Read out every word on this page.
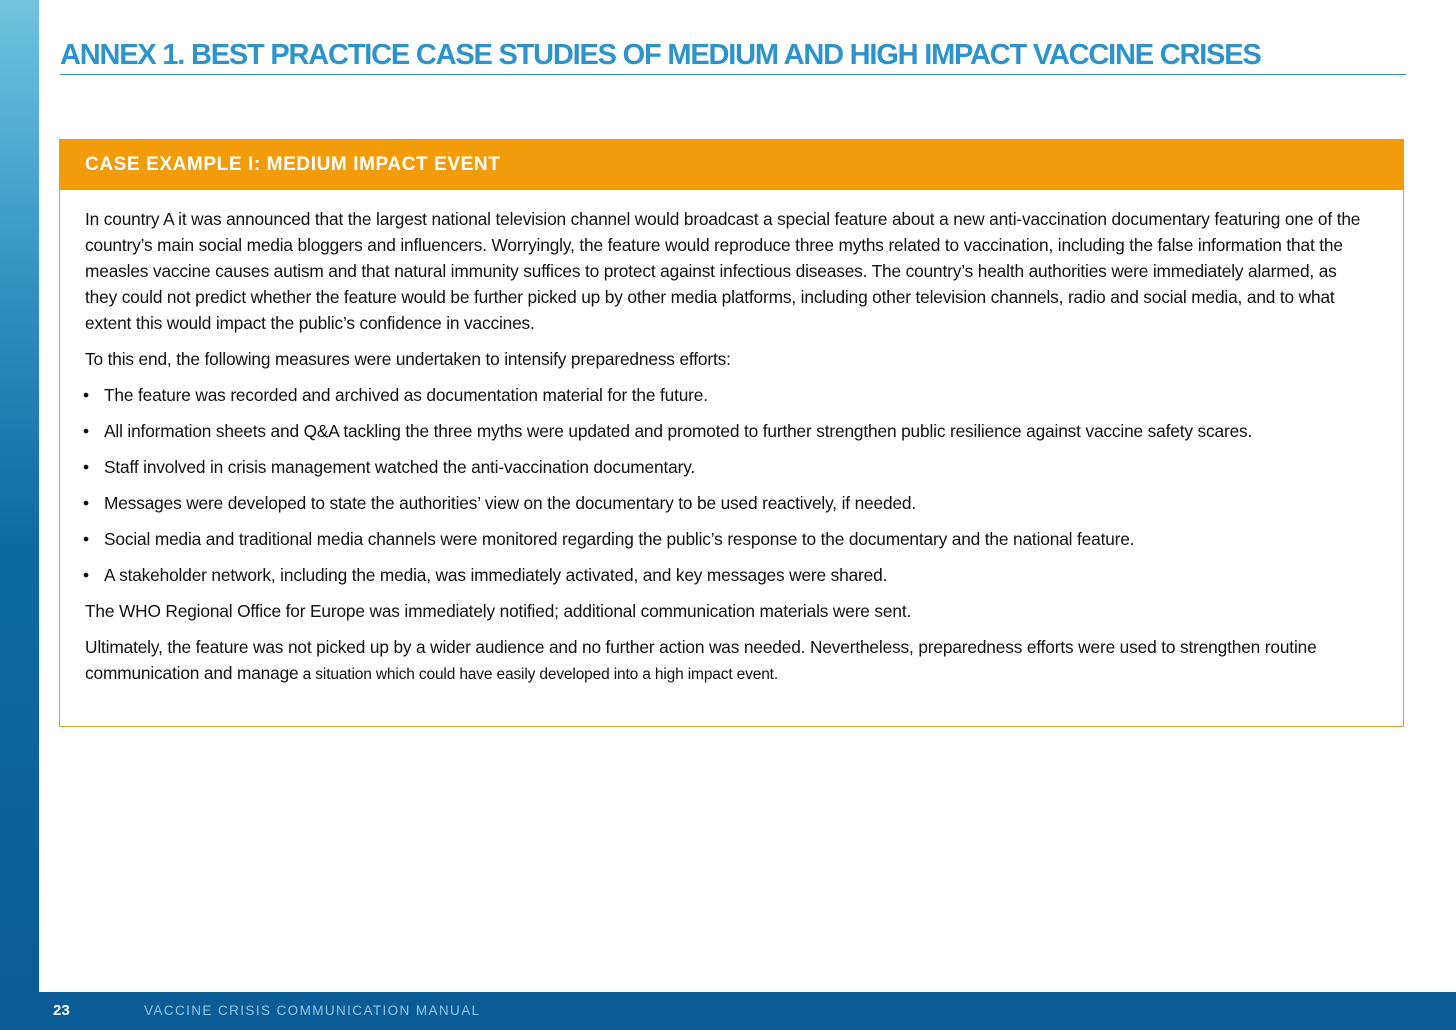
ANNEX 1. BEST PRACTICE CASE STUDIES OF MEDIUM AND HIGH IMPACT VACCINE CRISES
CASE EXAMPLE I: MEDIUM IMPACT EVENT

In country A it was announced that the largest national television channel would broadcast a special feature about a new anti-vaccination documentary featuring one of the country’s main social media bloggers and influencers. Worryingly, the feature would reproduce three myths related to vaccination, including the false information that the measles vaccine causes autism and that natural immunity suffices to protect against infectious diseases. The country’s health authorities were immediately alarmed, as they could not predict whether the feature would be further picked up by other media platforms, including other television channels, radio and social media, and to what extent this would impact the public’s confidence in vaccines.

To this end, the following measures were undertaken to intensify preparedness efforts:

• The feature was recorded and archived as documentation material for the future.
• All information sheets and Q&A tackling the three myths were updated and promoted to further strengthen public resilience against vaccine safety scares.
• Staff involved in crisis management watched the anti-vaccination documentary.
• Messages were developed to state the authorities’ view on the documentary to be used reactively, if needed.
• Social media and traditional media channels were monitored regarding the public’s response to the documentary and the national feature.
• A stakeholder network, including the media, was immediately activated, and key messages were shared.

The WHO Regional Office for Europe was immediately notified; additional communication materials were sent.

Ultimately, the feature was not picked up by a wider audience and no further action was needed. Nevertheless, preparedness efforts were used to strengthen routine communication and manage a situation which could have easily developed into a high impact event.

23	VACCINE CRISIS COMMUNICATION MANUAL
